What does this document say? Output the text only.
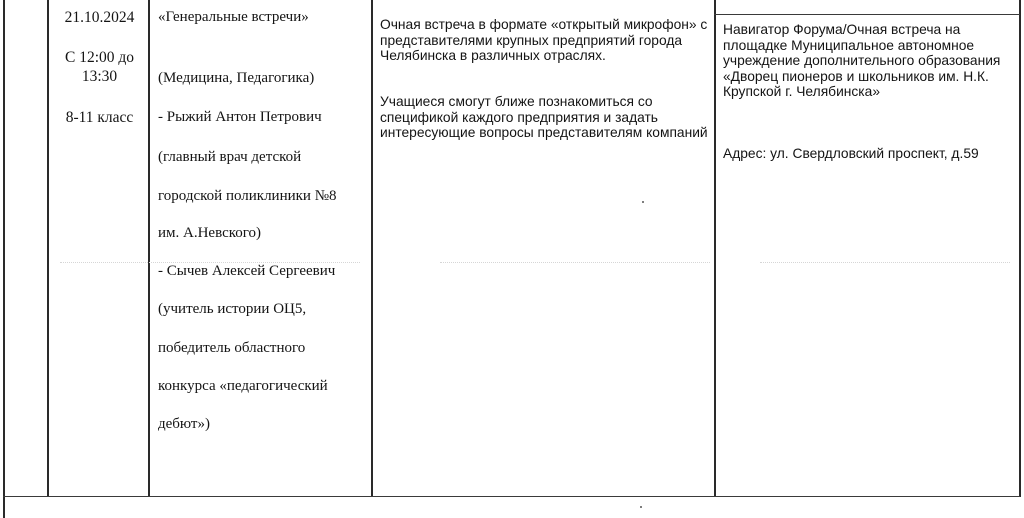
21.10.2024
С 12:00 до
13:30
8-11 класс
«Генеральные встречи»
(Медицина, Педагогика)
- Рыжий Антон Петрович
(главный врач детской
городской поликлиники №8
им. А.Невского)
- Сычев Алексей Сергеевич
(учитель истории ОЦ5,
победитель областного
конкурса «педагогический
дебют»)

Очная встреча в формате «открытый микрофон» с представителями крупных предприятий города Челябинска в различных отраслях.

Учащиеся смогут ближе познакомиться со спецификой каждого предприятия и задать интересующие вопросы представителям компаний

Навигатор Форума/Очная встреча на площадке Муниципальное автономное учреждение дополнительного образования «Дворец пионеров и школьников им. Н.К. Крупской г. Челябинска»
Адрес: ул. Свердловский проспект, д.59
